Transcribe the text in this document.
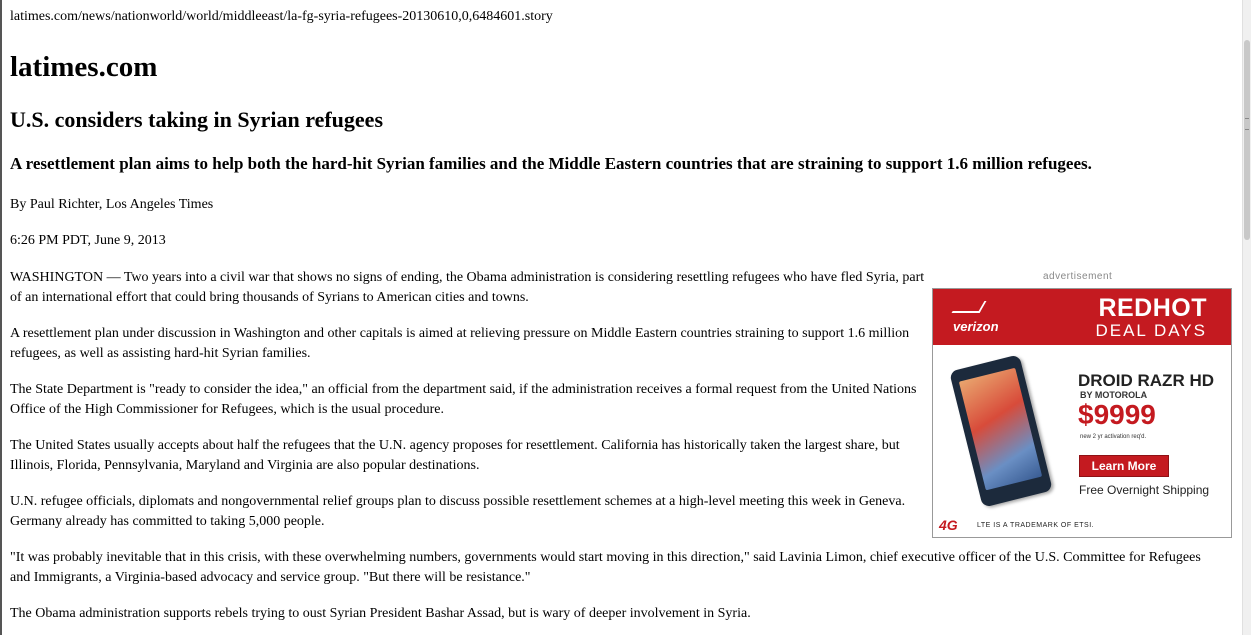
latimes.com/news/nationworld/world/middleeast/la-fg-syria-refugees-20130610,0,6484601.story
latimes.com
U.S. considers taking in Syrian refugees
A resettlement plan aims to help both the hard-hit Syrian families and the Middle Eastern countries that are straining to support 1.6 million refugees.
By Paul Richter, Los Angeles Times
6:26 PM PDT, June 9, 2013

WASHINGTON — Two years into a civil war that shows no signs of ending, the Obama administration is considering resettling refugees who have fled Syria, part of an international effort that could bring thousands of Syrians to American cities and towns.

A resettlement plan under discussion in Washington and other capitals is aimed at relieving pressure on Middle Eastern countries straining to support 1.6 million refugees, as well as assisting hard-hit Syrian families.

The State Department is "ready to consider the idea," an official from the department said, if the administration receives a formal request from the United Nations Office of the High Commissioner for Refugees, which is the usual procedure.

The United States usually accepts about half the refugees that the U.N. agency proposes for resettlement. California has historically taken the largest share, but Illinois, Florida, Pennsylvania, Maryland and Virginia are also popular destinations.

U.N. refugee officials, diplomats and nongovernmental relief groups plan to discuss possible resettlement schemes at a high-level meeting this week in Geneva. Germany already has committed to taking 5,000 people.

"It was probably inevitable that in this crisis, with these overwhelming numbers, governments would start moving in this direction," said Lavinia Limon, chief executive officer of the U.S. Committee for Refugees and Immigrants, a Virginia-based advocacy and service group. "But there will be resistance."

The Obama administration supports rebels trying to oust Syrian President Bashar Assad, but is wary of deeper involvement in Syria.

advertisement
verizon
REDHOT
DEAL DAYS
DROID RAZR HD
BY MOTOROLA
$9999
new 2 yr activation req'd.
Learn More
Free Overnight Shipping
4G	LTE IS A TRADEMARK OF ETSI.
